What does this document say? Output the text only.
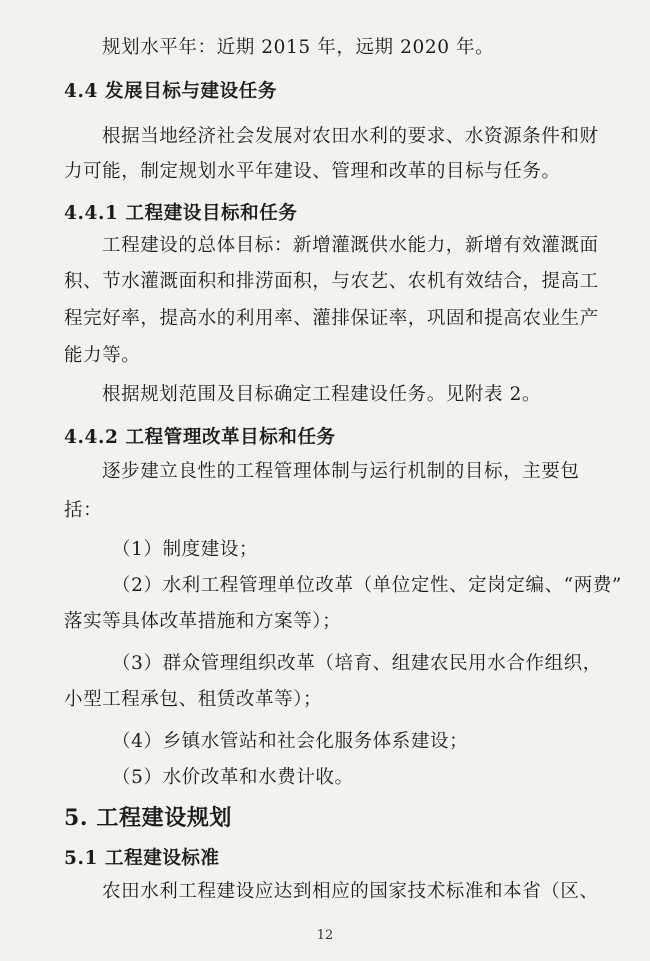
规划水平年：近期 2015 年，远期 2020 年。
4.4 发展目标与建设任务
根据当地经济社会发展对农田水利的要求、水资源条件和财
力可能，制定规划水平年建设、管理和改革的目标与任务。
4.4.1 工程建设目标和任务
工程建设的总体目标：新增灌溉供水能力，新增有效灌溉面
积、节水灌溉面积和排涝面积，与农艺、农机有效结合，提高工
程完好率，提高水的利用率、灌排保证率，巩固和提高农业生产
能力等。
根据规划范围及目标确定工程建设任务。见附表 2。
4.4.2 工程管理改革目标和任务
逐步建立良性的工程管理体制与运行机制的目标，主要包
括：
（1）制度建设；
（2）水利工程管理单位改革（单位定性、定岗定编、“两费”
落实等具体改革措施和方案等）；
（3）群众管理组织改革（培育、组建农民用水合作组织，
小型工程承包、租赁改革等）；
（4）乡镇水管站和社会化服务体系建设；
（5）水价改革和水费计收。
5. 工程建设规划
5.1 工程建设标准
农田水利工程建设应达到相应的国家技术标准和本省（区、
12
